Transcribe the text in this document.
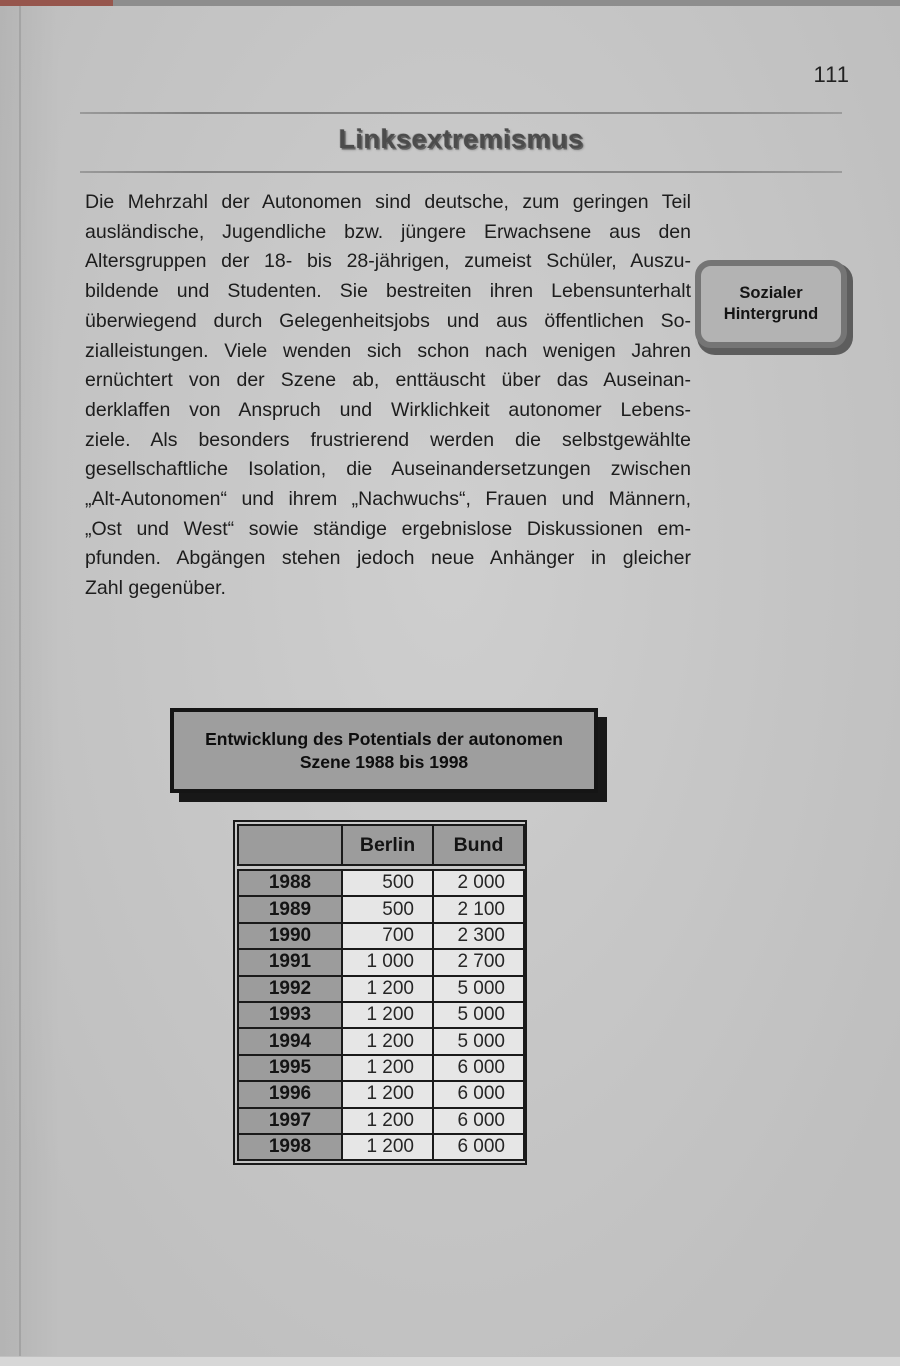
111
Linksextremismus
Die Mehrzahl der Autonomen sind deutsche, zum geringen Teil
ausländische, Jugendliche bzw. jüngere Erwachsene aus den
Altersgruppen der 18- bis 28-jährigen, zumeist Schüler, Auszu-
bildende und Studenten. Sie bestreiten ihren Lebensunterhalt
überwiegend durch Gelegenheitsjobs und aus öffentlichen So-
zialleistungen. Viele wenden sich schon nach wenigen Jahren
ernüchtert von der Szene ab, enttäuscht über das Auseinan-
derklaffen von Anspruch und Wirklichkeit autonomer Lebens-
ziele. Als besonders frustrierend werden die selbstgewählte
gesellschaftliche Isolation, die Auseinandersetzungen zwischen
„Alt-Autonomen“ und ihrem „Nachwuchs“, Frauen und Männern,
„Ost und West“ sowie ständige ergebnislose Diskussionen em-
pfunden. Abgängen stehen jedoch neue Anhänger in gleicher
Zahl gegenüber.
Sozialer
Hintergrund
Entwicklung des Potentials der autonomen
Szene 1988 bis 1998
	Berlin	Bund
1988	500	2 000
1989	500	2 100
1990	700	2 300
1991	1 000	2 700
1992	1 200	5 000
1993	1 200	5 000
1994	1 200	5 000
1995	1 200	6 000
1996	1 200	6 000
1997	1 200	6 000
1998	1 200	6 000
